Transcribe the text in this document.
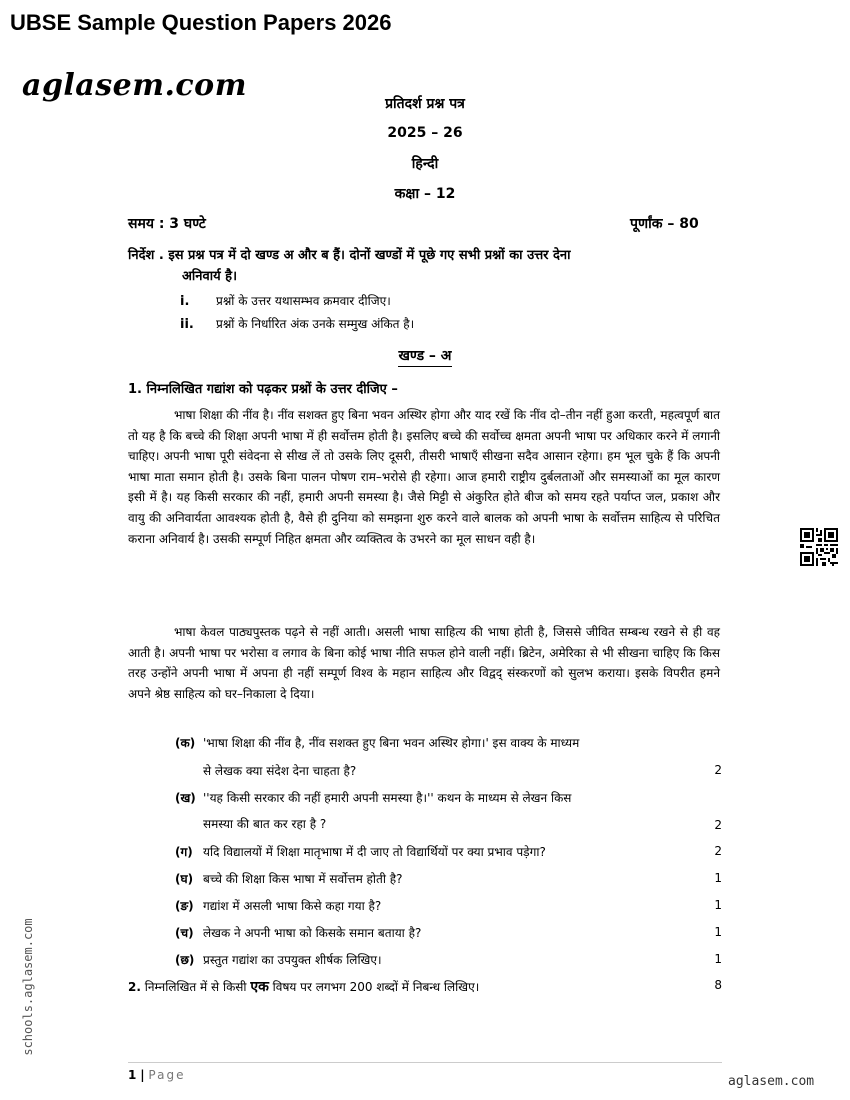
UBSE Sample Question Papers 2026
aglasem.com
प्रतिदर्श प्रश्न पत्र
2025 – 26
हिन्दी
कक्षा – 12
समय : 3 घण्टे	पूर्णांक – 80
निर्देश . इस प्रश्न पत्र में दो खण्ड अ और ब हैं। दोनों खण्डों में पूछे गए सभी प्रश्नों का उत्तर देना
अनिवार्य है।
i. प्रश्नों के उत्तर यथासम्भव क्रमवार दीजिए।
ii. प्रश्नों के निर्धारित अंक उनके सम्मुख अंकित है।
खण्ड – अ
1. निम्नलिखित गद्यांश को पढ़कर प्रश्नों के उत्तर दीजिए –
भाषा शिक्षा की नींव है। नींव सशक्त हुए बिना भवन अस्थिर होगा और याद रखें कि नींव दो–तीन नहीं हुआ करती, महत्वपूर्ण बात तो यह है कि बच्चे की शिक्षा अपनी भाषा में ही सर्वोत्तम होती है। इसलिए बच्चे की सर्वोच्च क्षमता अपनी भाषा पर अधिकार करने में लगानी चाहिए। अपनी भाषा पूरी संवेदना से सीख लें तो उसके लिए दूसरी, तीसरी भाषाएँ सीखना सदैव आसान रहेगा। हम भूल चुके हैं कि अपनी भाषा माता समान होती है। उसके बिना पालन पोषण राम–भरोसे ही रहेगा। आज हमारी राष्ट्रीय दुर्बलताओं और समस्याओं का मूल कारण इसी में है। यह किसी सरकार की नहीं, हमारी अपनी समस्या है। जैसे मिट्टी से अंकुरित होते बीज को समय रहते पर्याप्त जल, प्रकाश और वायु की अनिवार्यता आवश्यक होती है, वैसे ही दुनिया को समझना शुरु करने वाले बालक को अपनी भाषा के सर्वोत्तम साहित्य से परिचित कराना अनिवार्य है। उसकी सम्पूर्ण निहित क्षमता और व्यक्तित्व के उभरने का मूल साधन वही है।
भाषा केवल पाठ्यपुस्तक पढ़ने से नहीं आती। असली भाषा साहित्य की भाषा होती है, जिससे जीवित सम्बन्ध रखने से ही वह आती है। अपनी भाषा पर भरोसा व लगाव के बिना कोई भाषा नीति सफल होने वाली नहीं। ब्रिटेन, अमेरिका से भी सीखना चाहिए कि किस तरह उन्होंने अपनी भाषा में अपना ही नहीं सम्पूर्ण विश्व के महान साहित्य और विद्वद् संस्करणों को सुलभ कराया। इसके विपरीत हमने अपने श्रेष्ठ साहित्य को घर–निकाला दे दिया।
(क) 'भाषा शिक्षा की नींव है, नींव सशक्त हुए बिना भवन अस्थिर होगा।' इस वाक्य के माध्यम
से लेखक क्या संदेश देना चाहता है?	2
(ख) ''यह किसी सरकार की नहीं हमारी अपनी समस्या है।'' कथन के माध्यम से लेखन किस
समस्या की बात कर रहा है ?	2
(ग) यदि विद्यालयों में शिक्षा मातृभाषा में दी जाए तो विद्यार्थियों पर क्या प्रभाव पड़ेगा?	2
(घ) बच्चे की शिक्षा किस भाषा में सर्वोत्तम होती है?	1
(ङ) गद्यांश में असली भाषा किसे कहा गया है?	1
(च) लेखक ने अपनी भाषा को किसके समान बताया है?	1
(छ) प्रस्तुत गद्यांश का उपयुक्त शीर्षक लिखिए।	1
2. निम्नलिखित में से किसी एक विषय पर लगभग 200 शब्दों में निबन्ध लिखिए।	8
1 | Page
schools.aglasem.com
aglasem.com
